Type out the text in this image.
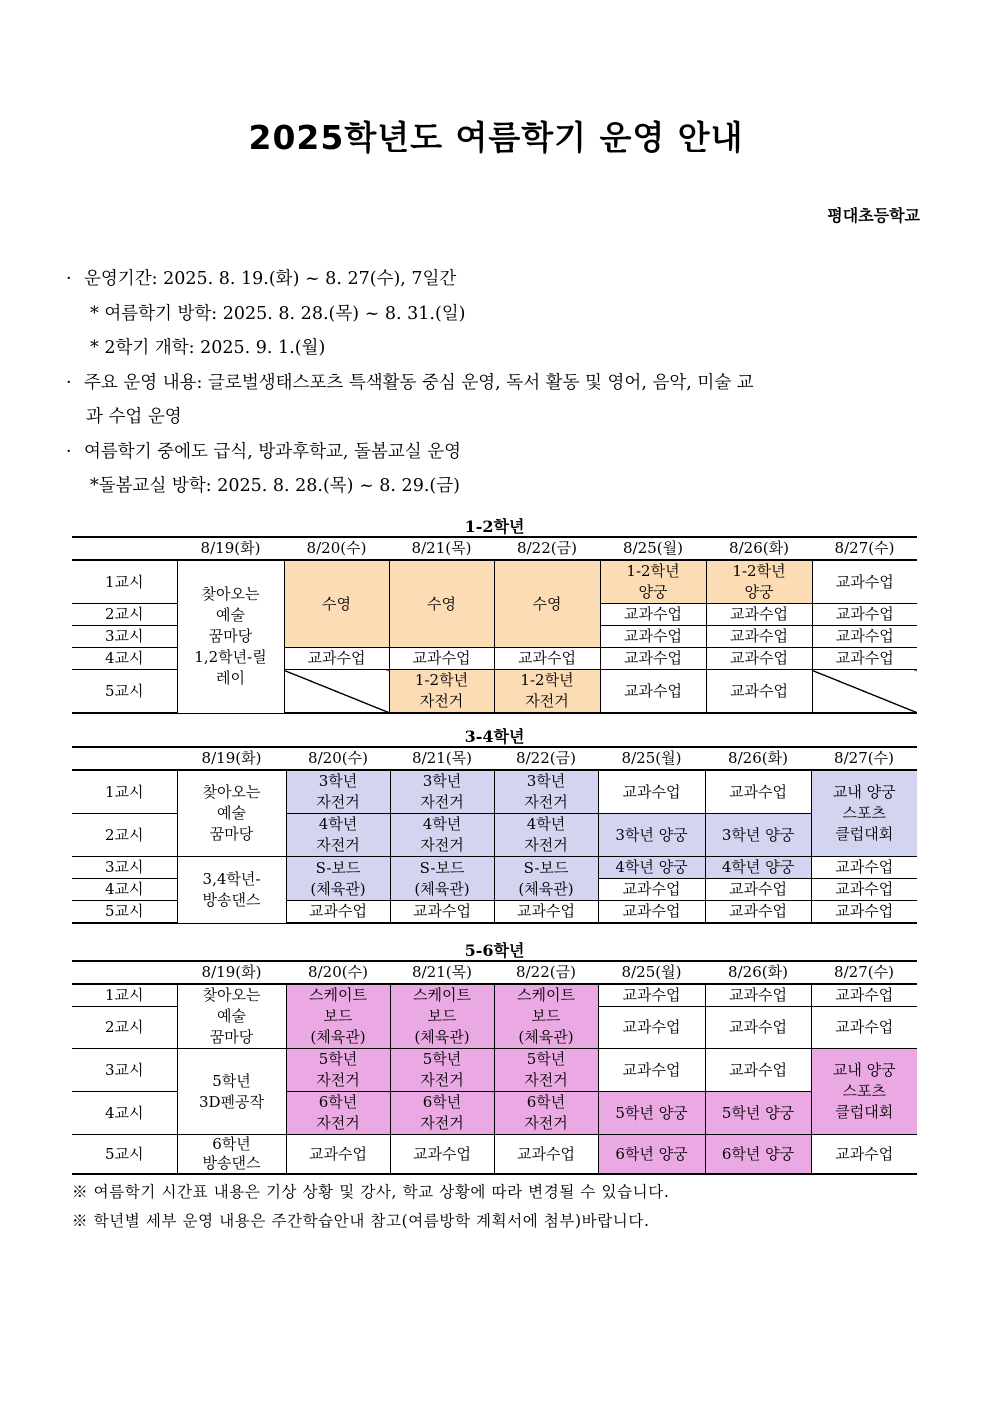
2025학년도 여름학기 운영 안내
평대초등학교
· 운영기간: 2025. 8. 19.(화) ~ 8. 27(수), 7일간
* 여름학기 방학: 2025. 8. 28.(목) ~ 8. 31.(일)
* 2학기 개학: 2025. 9. 1.(월)
· 주요 운영 내용: 글로벌생태스포츠 특색활동 중심 운영, 독서 활동 및 영어, 음악, 미술 교
과 수업 운영
· 여름학기 중에도 급식, 방과후학교, 돌봄교실 운영
*돌봄교실 방학: 2025. 8. 28.(목) ~ 8. 29.(금)
1-2학년
	8/19(화)	8/20(수)	8/21(목)	8/22(금)	8/25(월)	8/26(화)	8/27(수)
1교시	찾아오는
예술
꿈마당
1,2학년-릴
레이	수영	수영	수영	1-2학년
양궁	1-2학년
양궁	교과수업
2교시					교과수업	교과수업	교과수업
3교시					교과수업	교과수업	교과수업
4교시		교과수업	교과수업	교과수업	교과수업	교과수업	교과수업
5교시			1-2학년
자전거	1-2학년
자전거	교과수업	교과수업	
3-4학년
	8/19(화)	8/20(수)	8/21(목)	8/22(금)	8/25(월)	8/26(화)	8/27(수)
1교시	찾아오는
예술
꿈마당	3학년
자전거	3학년
자전거	3학년
자전거	교과수업	교과수업	교내 양궁
스포츠
클럽대회
2교시		4학년
자전거	4학년
자전거	4학년
자전거	3학년 양궁	3학년 양궁	
3교시	3,4학년-
방송댄스	S-보드
(체육관)	S-보드
(체육관)	S-보드
(체육관)	4학년 양궁	4학년 양궁	교과수업
4교시					교과수업	교과수업	교과수업
5교시		교과수업	교과수업	교과수업	교과수업	교과수업	교과수업
5-6학년
	8/19(화)	8/20(수)	8/21(목)	8/22(금)	8/25(월)	8/26(화)	8/27(수)
1교시	찾아오는
예술
꿈마당	스케이트
보드
(체육관)	스케이트
보드
(체육관)	스케이트
보드
(체육관)	교과수업	교과수업	교과수업
2교시					교과수업	교과수업	교과수업
3교시	5학년
3D펜공작	5학년
자전거	5학년
자전거	5학년
자전거	교과수업	교과수업	교내 양궁
스포츠
클럽대회
4교시		6학년
자전거	6학년
자전거	6학년
자전거	5학년 양궁	5학년 양궁	
5교시	6학년
방송댄스	교과수업	교과수업	교과수업	6학년 양궁	6학년 양궁	교과수업
※ 여름학기 시간표 내용은 기상 상황 및 강사, 학교 상황에 따라 변경될 수 있습니다.
※ 학년별 세부 운영 내용은 주간학습안내 참고(여름방학 계획서에 첨부)바랍니다.
